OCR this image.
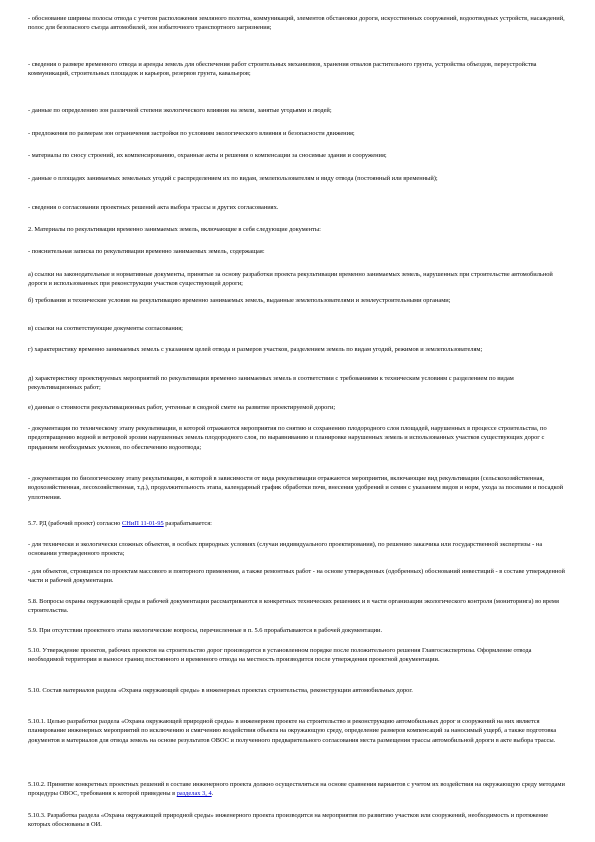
- обоснование ширины полосы отвода с учетом расположения земляного полотна, коммуникаций, элементов обстановки дороги, искусственных сооружений, водоотводных устройств, насаждений, полос для безопасного съезда автомобилей, зон избыточного транспортного загрязнения;

- сведения о размере временного отвода и аренды земель для обеспечения работ строительных механизмов, хранения отвалов растительного грунта, устройства объездов, переустройства коммуникаций, строительных площадок и карьеров, резервов грунта, кавальеров;

- данные по определению зон различной степени экологического влияния на земли, занятые угодьями и людей;

- предложения по размерам зон ограничения застройки по условиям экологического влияния и безопасности движения;

- материалы по сносу строений, их компенсированию, охранные акты и решения о компенсации за сносимые здания и сооружения;

- данные о площадях занимаемых земельных угодий с распределением их по видам, землепользователям и виду отвода (постоянный или временный);

- сведения о согласовании проектных решений акта выбора трассы и других согласованиях.

2. Материалы по рекультивации временно занимаемых земель, включающие в себя следующие документы:

- пояснительная записка по рекультивации временно занимаемых земель, содержащая:

а) ссылки на законодательные и нормативные документы, принятые за основу разработки проекта рекультивации временно занимаемых земель, нарушенных при строительстве автомобильной дороги и использованных при реконструкции участков существующей дороги;

б) требования и технические условия на рекультивацию временно занимаемых земель, выданные землепользователями и землеустроительными органами;

в) ссылки на соответствующие документы согласования;

г) характеристику временно занимаемых земель с указанием целей отвода и размеров участков, разделением земель по видам угодий, режимов и землепользователям;

д) характеристику проектируемых мероприятий по рекультивации временно занимаемых земель в соответствии с требованиями к техническим условиям с разделением по видам рекультивационных работ;

е) данные о стоимости рекультивационных работ, учтенные в сводной смете на развитие проектируемой дороги;

- документация по техническому этапу рекультивации, в которой отражаются мероприятия по снятию и сохранению плодородного слоя площадей, нарушенных в процессе строительства, по предотвращению водной и ветровой эрозии нарушенных земель плодородного слоя, по выравниванию и планировке нарушенных земель и использованных участков существующих дорог с приданием необходимых уклонов, по обеспечению водоотвода;

- документация по биологическому этапу рекультивации, в которой в зависимости от вида рекультивации отражаются мероприятия, включающие вид рекультивации (сельскохозяйственная, водохозяйственная, лесохозяйственная, т.д.), продолжительность этапа, календарный график обработки почв, внесения удобрений и семян с указанием видов и норм, ухода за посевами и посадкой уплотнения.

5.7. РД (рабочий проект) согласно СНиП 11-01-95 разрабатывается:

- для технически и экологически сложных объектов, в особых природных условиях (случаи индивидуального проектирования), по решению заказчика или государственной экспертизы - на основании утвержденного проекта;

- для объектов, строящихся по проектам массового и повторного применения, а также ремонтных работ - на основе утвержденных (одобренных) обоснований инвестиций - в составе утвержденной части и рабочей документации.

5.8. Вопросы охраны окружающей среды в рабочей документации рассматриваются в конкретных технических решениях и в части организации экологического контроля (мониторинга) во время строительства.

5.9. При отсутствии проектного этапа экологические вопросы, перечисленные в п. 5.6 прорабатываются в рабочей документации.

5.10. Утверждение проектов, рабочих проектов на строительство дорог производится в установленном порядке после положительного решения Главгосэкспертизы. Оформление отвода необходимой территории и выносе границ постоянного и временного отвода на местность производится после утверждения проектной документации.

5.10. Состав материалов раздела «Охрана окружающей среды» в инженерных проектах строительства, реконструкции автомобильных дорог.

5.10.1. Целью разработки раздела «Охрана окружающей природной среды» в инженерном проекте на строительство и реконструкцию автомобильных дорог и сооружений на них является планирование инженерных мероприятий по исключению и смягчению воздействия объекта на окружающую среду, определение размеров компенсаций за наносимый ущерб, а также подготовка документов и материалов для отвода земель на основе результатов ОВОС и полученного предварительного согласования места размещения трассы автомобильной дороги в акте выбора трассы.

5.10.2. Принятие конкретных проектных решений в составе инженерного проекта должно осуществляться на основе сравнения вариантов с учетом их воздействия на окружающую среду методами процедуры ОВОС, требования к которой приведены в разделах 3, 4.

5.10.3. Разработка раздела «Охрана окружающей природной среды» инженерного проекта производится на мероприятия по развитию участков или сооружений, необходимость и протяжение которых обоснованы в ОИ.
